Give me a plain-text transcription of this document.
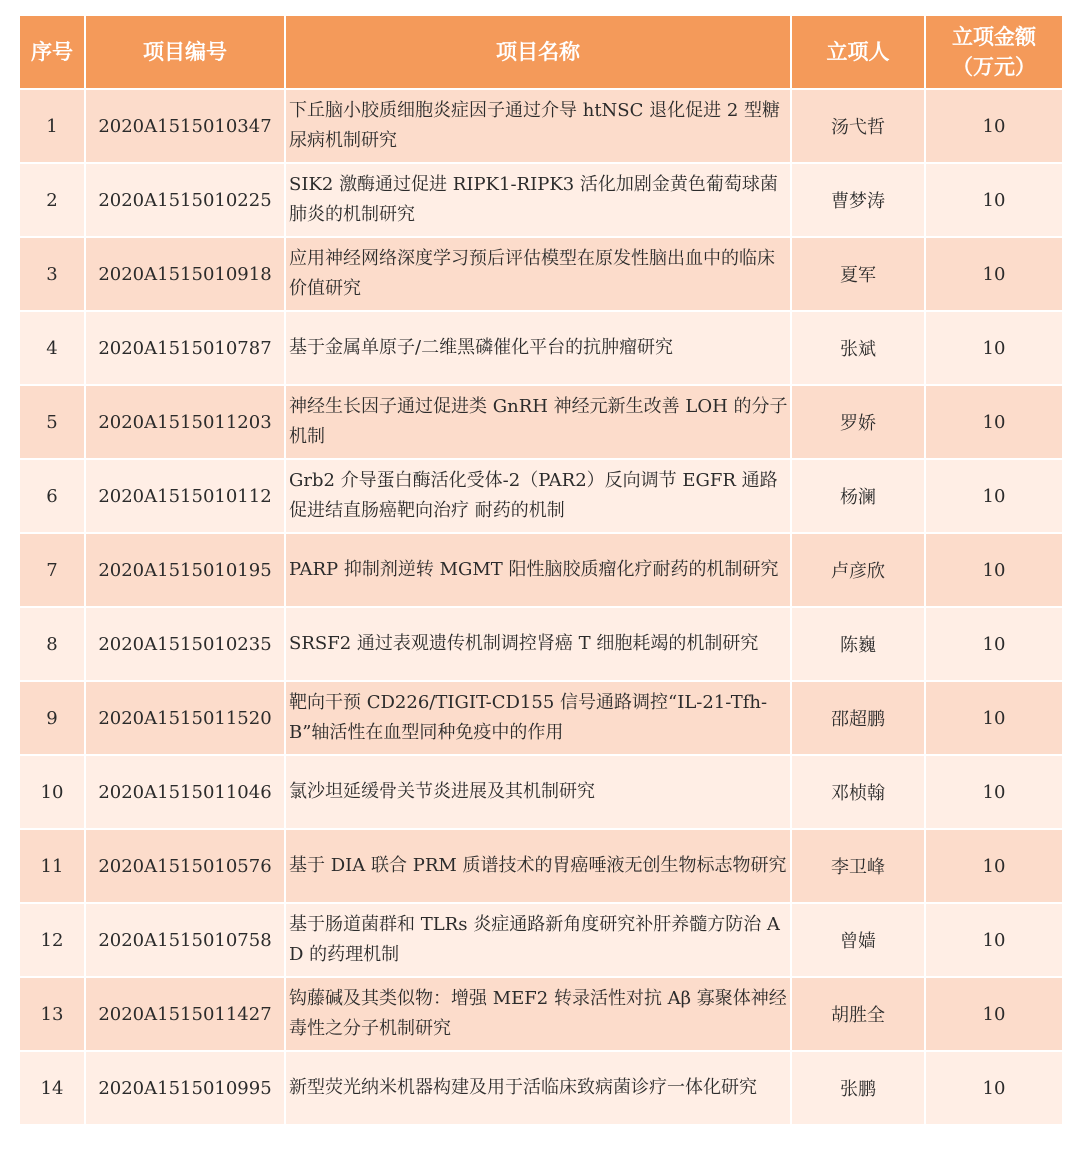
序号	项目编号	项目名称	立项人	立项金额
（万元）

1	2020A1515010347	下丘脑小胶质细胞炎症因子通过介导 htNSC 退化促进 2 型糖尿病机制研究	汤弋哲	10
2	2020A1515010225	SIK2 激酶通过促进 RIPK1-RIPK3 活化加剧金黄色葡萄球菌肺炎的机制研究	曹梦涛	10
3	2020A1515010918	应用神经网络深度学习预后评估模型在原发性脑出血中的临床价值研究	夏军	10
4	2020A1515010787	基于金属单原子/二维黑磷催化平台的抗肿瘤研究	张斌	10
5	2020A1515011203	神经生长因子通过促进类 GnRH 神经元新生改善 LOH 的分子机制	罗娇	10
6	2020A1515010112	Grb2 介导蛋白酶活化受体-2（PAR2）反向调节 EGFR 通路促进结直肠癌靶向治疗 耐药的机制	杨澜	10
7	2020A1515010195	PARP 抑制剂逆转 MGMT 阳性脑胶质瘤化疗耐药的机制研究	卢彦欣	10
8	2020A1515010235	SRSF2 通过表观遗传机制调控肾癌 T 细胞耗竭的机制研究	陈巍	10
9	2020A1515011520	靶向干预 CD226/TIGIT-CD155 信号通路调控“IL-21-Tfh-B”轴活性在血型同种免疫中的作用	邵超鹏	10
10	2020A1515011046	氯沙坦延缓骨关节炎进展及其机制研究	邓桢翰	10
11	2020A1515010576	基于 DIA 联合 PRM 质谱技术的胃癌唾液无创生物标志物研究	李卫峰	10
12	2020A1515010758	基于肠道菌群和 TLRs 炎症通路新角度研究补肝养髓方防治 AD 的药理机制	曾嫱	10
13	2020A1515011427	钩藤碱及其类似物：增强 MEF2 转录活性对抗 Aβ 寡聚体神经毒性之分子机制研究	胡胜全	10
14	2020A1515010995	新型荧光纳米机器构建及用于活临床致病菌诊疗一体化研究	张鹏	10
